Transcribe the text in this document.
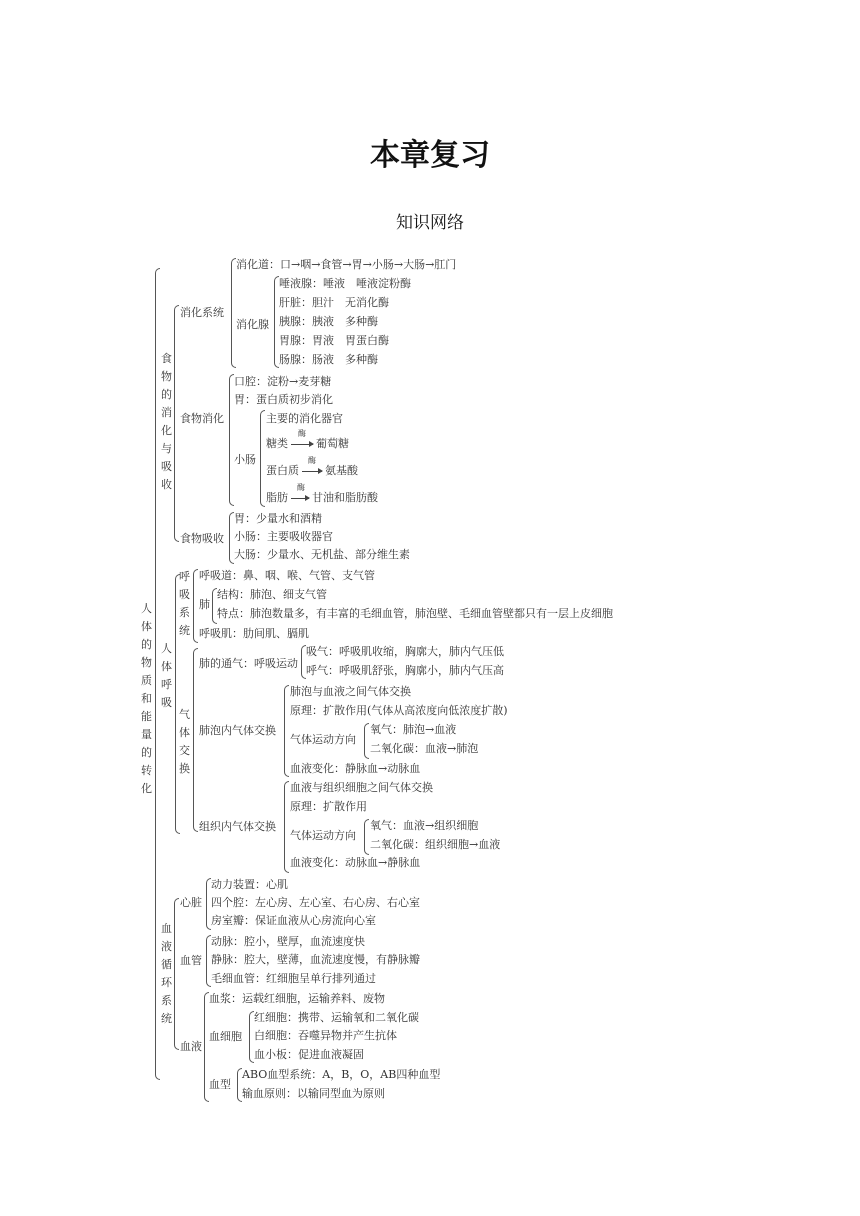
本章复习
知识网络
人体的物质和能量的转化
食物的消化与吸收
消化系统
消化道：口→咽→食管→胃→小肠→大肠→肛门
消化腺
唾液腺：唾液　唾液淀粉酶
肝脏：胆汁　无消化酶
胰腺：胰液　多种酶
胃腺：胃液　胃蛋白酶
肠腺：肠液　多种酶
食物消化
口腔：淀粉→麦芽糖
胃：蛋白质初步消化
小肠
主要的消化器官
糖类
酶
葡萄糖
蛋白质
酶
氨基酸
脂肪
酶
甘油和脂肪酸
食物吸收
胃：少量水和酒精
小肠：主要吸收器官
大肠：少量水、无机盐、部分维生素
人体呼吸
呼吸系统
呼吸道：鼻、咽、喉、气管、支气管
肺
结构：肺泡、细支气管
特点：肺泡数量多，有丰富的毛细血管，肺泡壁、毛细血管壁都只有一层上皮细胞
呼吸肌：肋间肌、膈肌
气体交换
肺的通气：呼吸运动
吸气：呼吸肌收缩，胸廓大，肺内气压低
呼气：呼吸肌舒张，胸廓小，肺内气压高
肺泡内气体交换
肺泡与血液之间气体交换
原理：扩散作用(气体从高浓度向低浓度扩散)
气体运动方向
氧气：肺泡→血液
二氧化碳：血液→肺泡
血液变化：静脉血→动脉血
组织内气体交换
血液与组织细胞之间气体交换
原理：扩散作用
气体运动方向
氧气：血液→组织细胞
二氧化碳：组织细胞→血液
血液变化：动脉血→静脉血
血液循环系统
心脏
动力装置：心肌
四个腔：左心房、左心室、右心房、右心室
房室瓣：保证血液从心房流向心室
血管
动脉：腔小，壁厚，血流速度快
静脉：腔大，壁薄，血流速度慢，有静脉瓣
毛细血管：红细胞呈单行排列通过
血液
血浆：运载红细胞，运输养料、废物
血细胞
红细胞：携带、运输氧和二氧化碳
白细胞：吞噬异物并产生抗体
血小板：促进血液凝固
血型
ABO血型系统：A，B，O，AB四种血型
输血原则：以输同型血为原则
